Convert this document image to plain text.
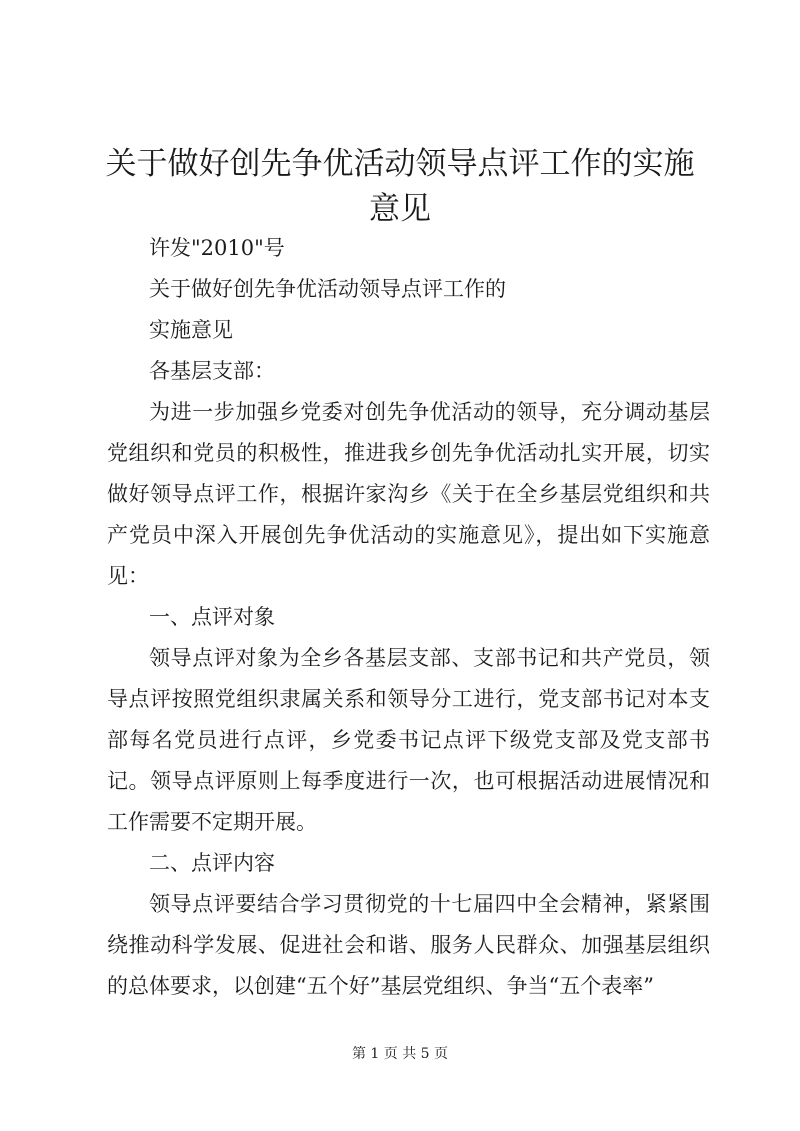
关于做好创先争优活动领导点评工作的实施意见

许发"2010"号

关于做好创先争优活动领导点评工作的

实施意见

各基层支部：

为进一步加强乡党委对创先争优活动的领导，充分调动基层党组织和党员的积极性，推进我乡创先争优活动扎实开展，切实做好领导点评工作，根据许家沟乡《关于在全乡基层党组织和共产党员中深入开展创先争优活动的实施意见》，提出如下实施意见：

一、点评对象

领导点评对象为全乡各基层支部、支部书记和共产党员，领导点评按照党组织隶属关系和领导分工进行，党支部书记对本支部每名党员进行点评，乡党委书记点评下级党支部及党支部书记。领导点评原则上每季度进行一次，也可根据活动进展情况和工作需要不定期开展。

二、点评内容

领导点评要结合学习贯彻党的十七届四中全会精神，紧紧围绕推动科学发展、促进社会和谐、服务人民群众、加强基层组织的总体要求，以创建“五个好”基层党组织、争当“五个表率”

第 1 页 共 5 页
